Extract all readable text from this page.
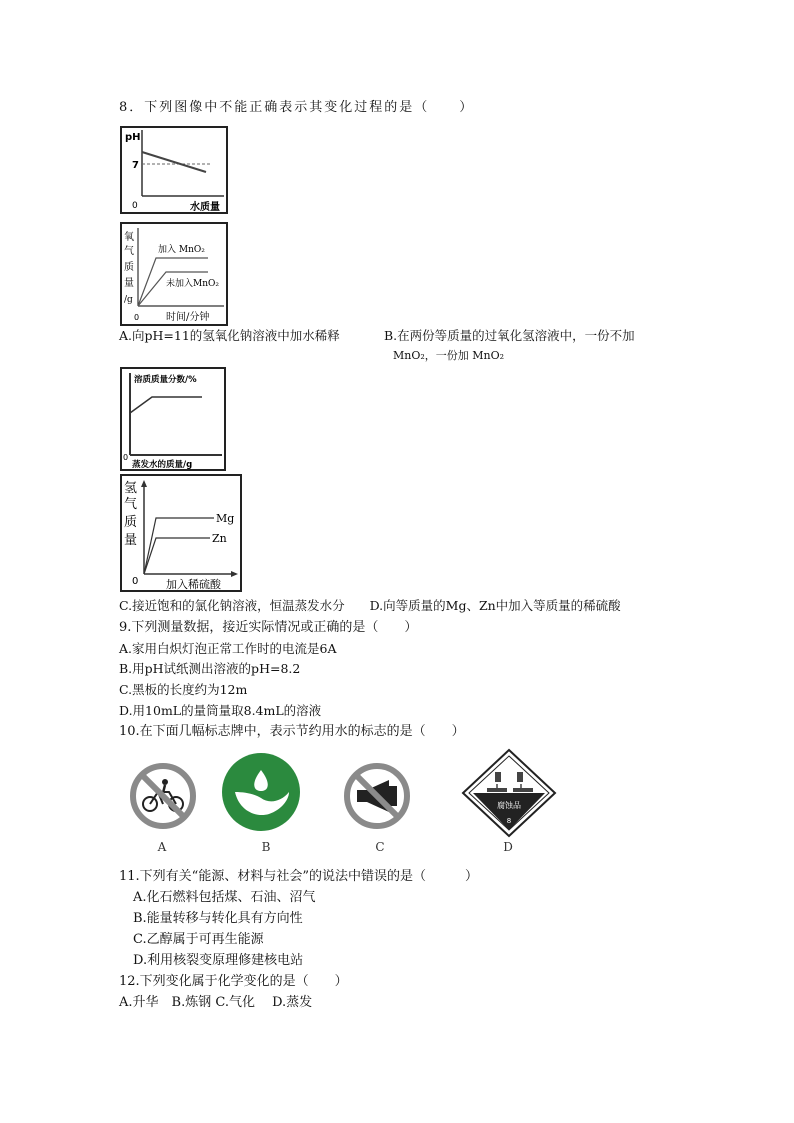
8．下列图像中不能正确表示其变化过程的是（　　）
pH
7
0	水质量
氧
气
质
量
/g
加入 MnO₂
未加入MnO₂
0	时间/分钟
A.向pH=11的氢氧化钠溶液中加水稀释	B.在两份等质量的过氧化氢溶液中，一份不加
MnO₂，一份加 MnO₂
溶质质量分数/%
0
蒸发水的质量/g
氢
气
质
量
Mg
Zn
0	加入稀硫酸
C.接近饱和的氯化钠溶液，恒温蒸发水分　　D.向等质量的Mg、Zn中加入等质量的稀硫酸
9.下列测量数据，接近实际情况或正确的是（　　）
A.家用白炽灯泡正常工作时的电流是6A
B.用pH试纸测出溶液的pH=8.2
C.黑板的长度约为12m
D.用10mL的量筒量取8.4mL的溶液
10.在下面几幅标志牌中，表示节约用水的标志的是（　　）
腐蚀品
8
A	B	C	D
11.下列有关“能源、材料与社会”的说法中错误的是（　　　）
A.化石燃料包括煤、石油、沼气
B.能量转移与转化具有方向性
C.乙醇属于可再生能源
D.利用核裂变原理修建核电站
12.下列变化属于化学变化的是（　　）
A.升华　B.炼钢 C.气化　 D.蒸发
